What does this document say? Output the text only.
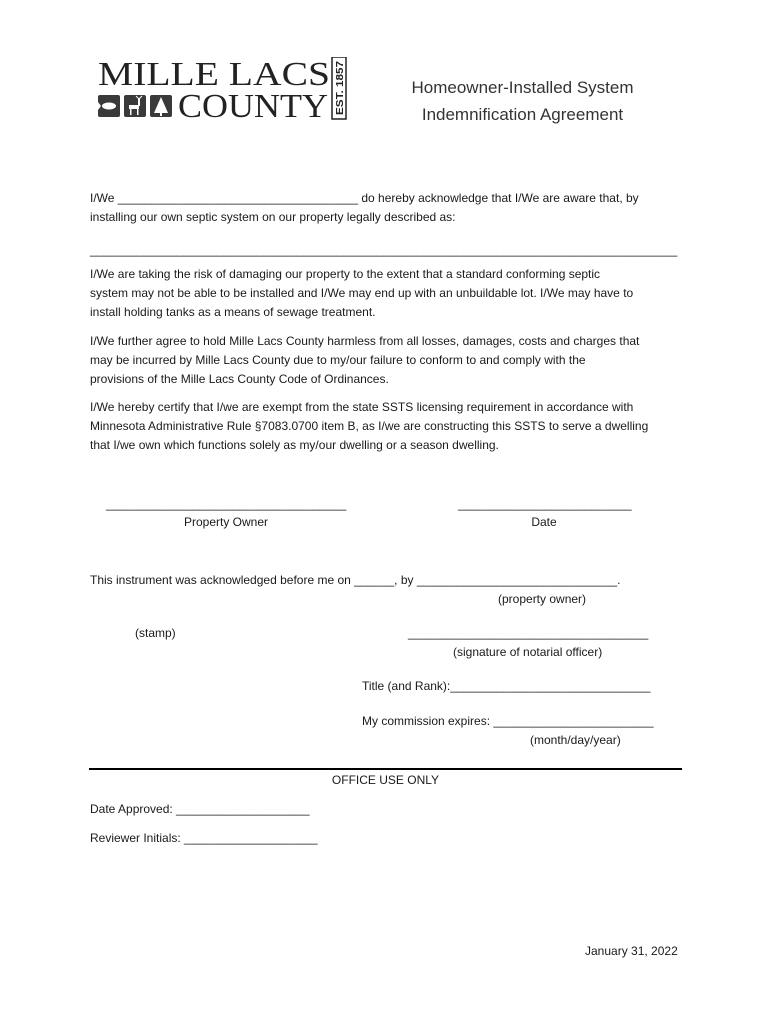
MILLE LACS
COUNTY EST. 1857	Homeowner-Installed System
Indemnification Agreement
I/We ____________________________________ do hereby acknowledge that I/We are aware that, by
installing our own septic system on our property legally described as:
________________________________________________________________________________________
I/We are taking the risk of damaging our property to the extent that a standard conforming septic
system may not be able to be installed and I/We may end up with an unbuildable lot. I/We may have to
install holding tanks as a means of sewage treatment.
I/We further agree to hold Mille Lacs County harmless from all losses, damages, costs and charges that
may be incurred by Mille Lacs County due to my/our failure to conform to and comply with the
provisions of the Mille Lacs County Code of Ordinances.
I/We hereby certify that I/we are exempt from the state SSTS licensing requirement in accordance with
Minnesota Administrative Rule §7083.0700 item B, as I/we are constructing this SSTS to serve a dwelling
that I/we own which functions solely as my/our dwelling or a season dwelling.
____________________________________
Property Owner
__________________________
Date
This instrument was acknowledged before me on ______, by ______________________________.
(property owner)
(stamp)	____________________________________
(signature of notarial officer)
Title (and Rank):______________________________
My commission expires: ________________________
(month/day/year)
OFFICE USE ONLY
Date Approved: ____________________
Reviewer Initials: ____________________
January 31, 2022
